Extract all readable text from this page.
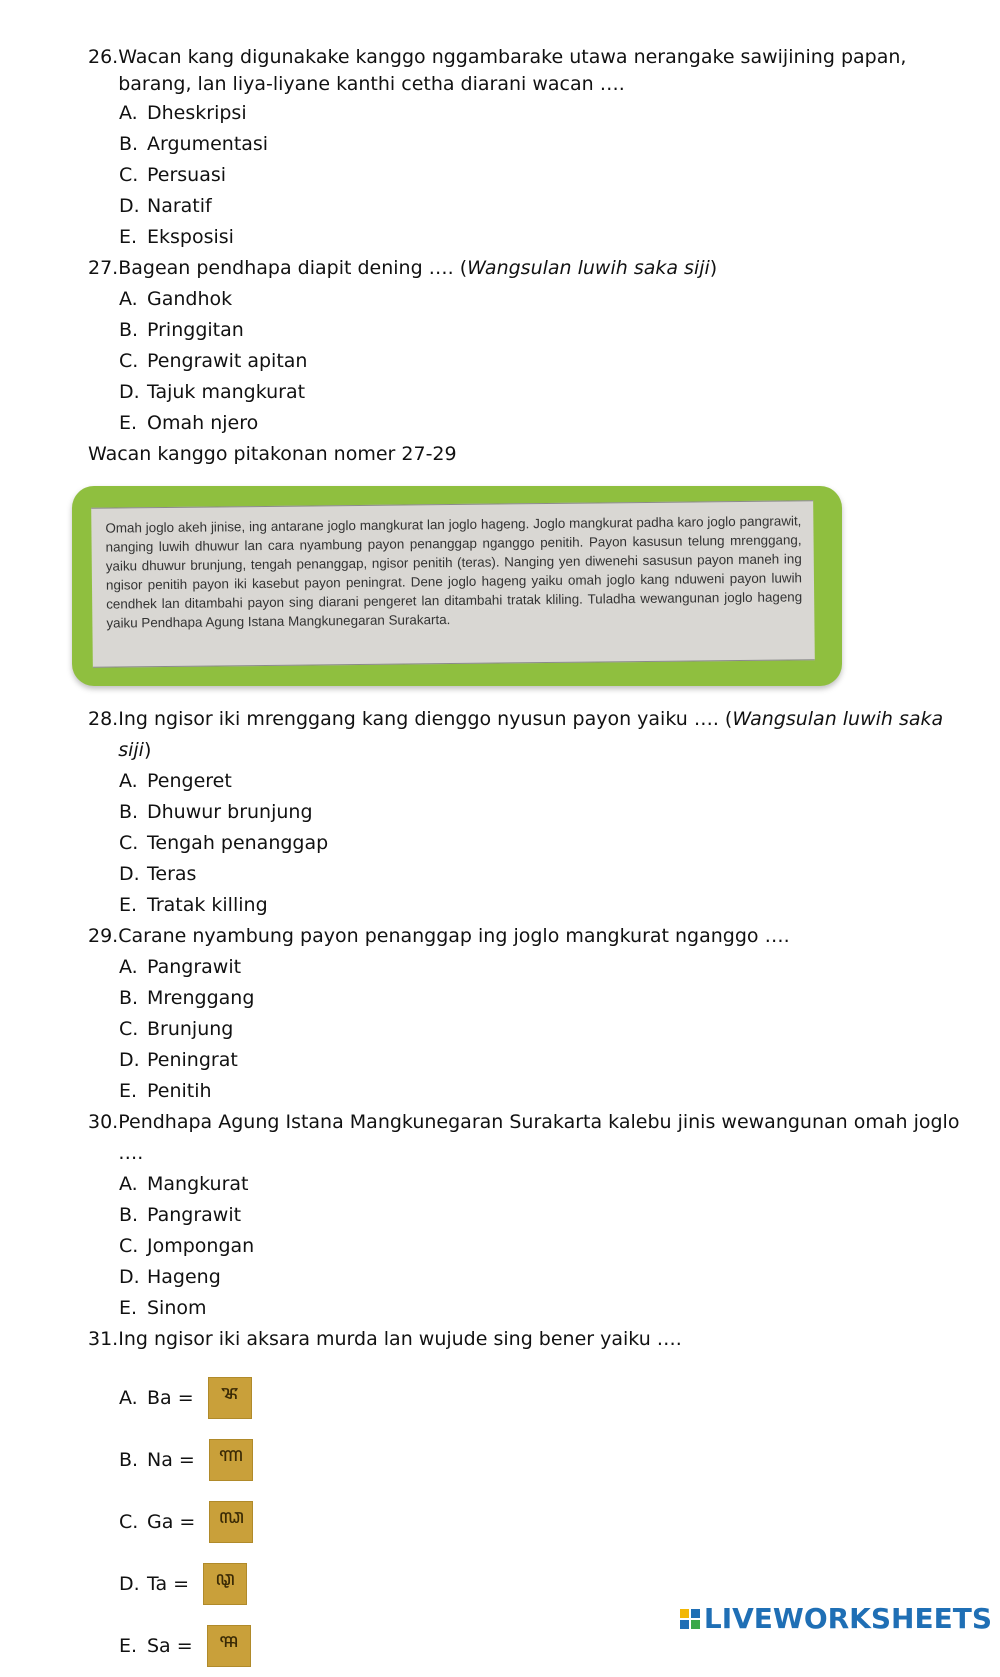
26. Wacan kang digunakake kanggo nggambarake utawa nerangake sawijining papan, barang, lan liya-liyane kanthi cetha diarani wacan ….
A. Dheskripsi
B. Argumentasi
C. Persuasi
D. Naratif
E. Eksposisi
27. Bagean pendhapa diapit dening …. (Wangsulan luwih saka siji)
A. Gandhok
B. Pringgitan
C. Pengrawit apitan
D. Tajuk mangkurat
E. Omah njero
Wacan kanggo pitakonan nomer 27-29
Omah joglo akeh jinise, ing antarane joglo mangkurat lan joglo hageng. Joglo mangkurat padha karo joglo pangrawit, nanging luwih dhuwur lan cara nyambung payon penanggap nganggo penitih. Payon kasusun telung mrenggang, yaiku dhuwur brunjung, tengah penanggap, ngisor penitih (teras). Nanging yen diwenehi sasusun payon maneh ing ngisor penitih payon iki kasebut payon peningrat. Dene joglo hageng yaiku omah joglo kang nduweni payon luwih cendhek lan ditambahi payon sing diarani pengeret lan ditambahi tratak kliling. Tuladha wewangunan joglo hageng yaiku Pendhapa Agung Istana Mangkunegaran Surakarta.
28. Ing ngisor iki mrenggang kang dienggo nyusun payon yaiku …. (Wangsulan luwih saka siji)
A. Pengeret
B. Dhuwur brunjung
C. Tengah penanggap
D. Teras
E. Tratak killing
29. Carane nyambung payon penanggap ing joglo mangkurat nganggo ….
A. Pangrawit
B. Mrenggang
C. Brunjung
D. Peningrat
E. Penitih
30. Pendhapa Agung Istana Mangkunegaran Surakarta kalebu jinis wewangunan omah joglo ….
A. Mangkurat
B. Pangrawit
C. Jompongan
D. Hageng
E. Sinom
31. Ing ngisor iki aksara murda lan wujude sing bener yaiku ….
A. Ba =	ꦨ
B. Na =	ꦟ
C. Ga =	ꦓ
D. Ta =	ꦡ
E. Sa =	ꦯ
LIVEWORKSHEETS
